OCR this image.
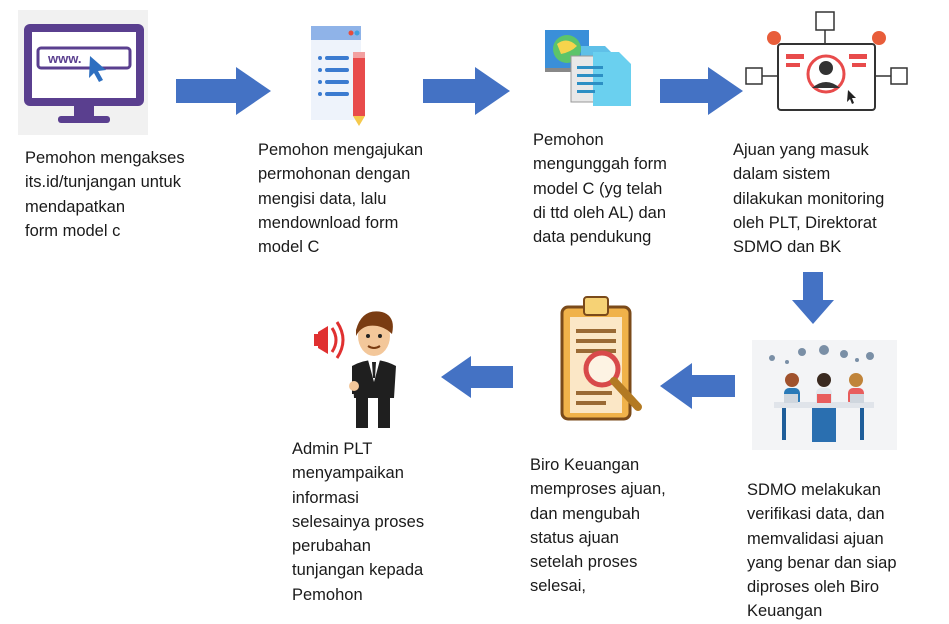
www.
Pemohon mengakses
its.id/tunjangan untuk
mendapatkan
form model c
Pemohon mengajukan
permohonan dengan
mengisi data, lalu
mendownload form
model C
Pemohon
mengunggah form
model C (yg telah
di ttd oleh AL) dan
data pendukung
Ajuan yang masuk
dalam sistem
dilakukan monitoring
oleh PLT, Direktorat
SDMO dan BK
SDMO melakukan
verifikasi data, dan
memvalidasi ajuan
yang benar dan siap
diproses oleh Biro
Keuangan
Biro Keuangan
memproses ajuan,
dan mengubah
status ajuan
setelah proses
selesai,
Admin PLT
menyampaikan
informasi
selesainya proses
perubahan
tunjangan kepada
Pemohon
